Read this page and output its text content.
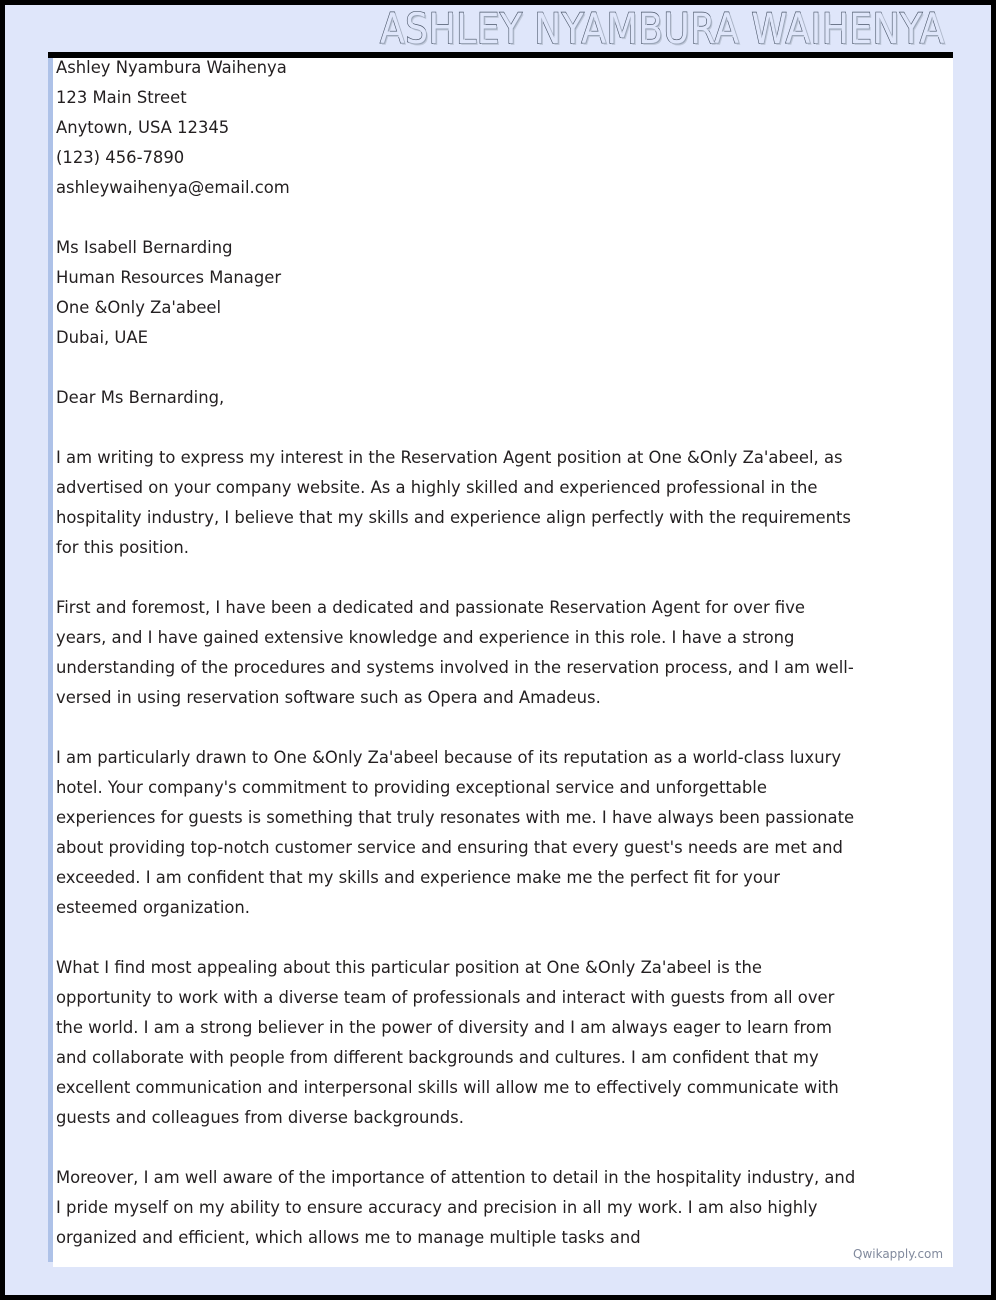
ASHLEY NYAMBURA WAIHENYA
Ashley Nyambura Waihenya
123 Main Street
Anytown, USA 12345
(123) 456-7890
ashleywaihenya@email.com
Ms Isabell Bernarding
Human Resources Manager
One &Only Za'abeel
Dubai, UAE

Dear Ms Bernarding,

I am writing to express my interest in the Reservation Agent position at One &Only Za'abeel, as advertised on your company website. As a highly skilled and experienced professional in the hospitality industry, I believe that my skills and experience align perfectly with the requirements for this position.

First and foremost, I have been a dedicated and passionate Reservation Agent for over five years, and I have gained extensive knowledge and experience in this role. I have a strong understanding of the procedures and systems involved in the reservation process, and I am well-versed in using reservation software such as Opera and Amadeus.

I am particularly drawn to One &Only Za'abeel because of its reputation as a world-class luxury hotel. Your company's commitment to providing exceptional service and unforgettable experiences for guests is something that truly resonates with me. I have always been passionate about providing top-notch customer service and ensuring that every guest's needs are met and exceeded. I am confident that my skills and experience make me the perfect fit for your esteemed organization.

What I find most appealing about this particular position at One &Only Za'abeel is the opportunity to work with a diverse team of professionals and interact with guests from all over the world. I am a strong believer in the power of diversity and I am always eager to learn from and collaborate with people from different backgrounds and cultures. I am confident that my excellent communication and interpersonal skills will allow me to effectively communicate with guests and colleagues from diverse backgrounds.

Moreover, I am well aware of the importance of attention to detail in the hospitality industry, and I pride myself on my ability to ensure accuracy and precision in all my work. I am also highly organized and efficient, which allows me to manage multiple tasks and

Qwikapply.com
